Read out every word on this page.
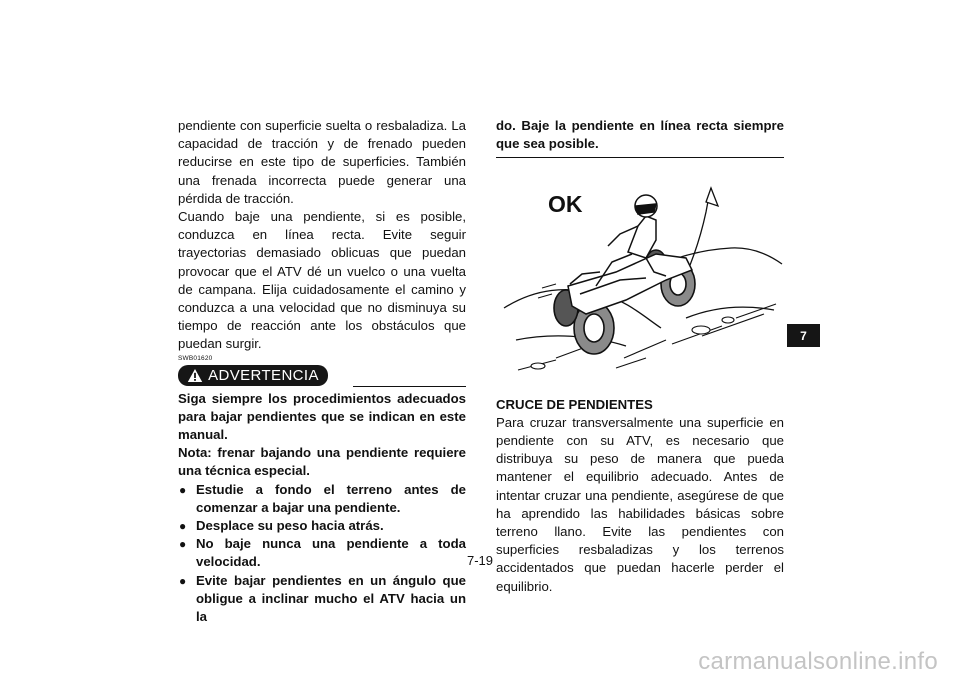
pendiente con superficie suelta o resbaladiza. La capacidad de tracción y de frenado pueden reducirse en este tipo de superficies. También una frenada incorrecta puede generar una pérdida de tracción.

Cuando baje una pendiente, si es posible, conduzca en línea recta. Evite seguir trayectorias demasiado oblicuas que puedan provocar que el ATV dé un vuelco o una vuelta de campana. Elija cuidadosamente el camino y conduzca a una velocidad que no disminuya su tiempo de reacción ante los obstáculos que puedan surgir.

SWB01620
ADVERTENCIA

Siga siempre los procedimientos adecuados para bajar pendientes que se indican en este manual.

Nota: frenar bajando una pendiente requiere una técnica especial.

● Estudie a fondo el terreno antes de comenzar a bajar una pendiente.
● Desplace su peso hacia atrás.
● No baje nunca una pendiente a toda velocidad.
● Evite bajar pendientes en un ángulo que obligue a inclinar mucho el ATV hacia un la

do. Baje la pendiente en línea recta siempre que sea posible.

OK

CRUCE DE PENDIENTES

Para cruzar transversalmente una superficie en pendiente con su ATV, es necesario que distribuya su peso de manera que pueda mantener el equilibrio adecuado. Antes de intentar cruzar una pendiente, asegúrese de que ha aprendido las habilidades básicas sobre terreno llano. Evite las pendientes con superficies resbaladizas y los terrenos accidentados que puedan hacerle perder el equilibrio.

7
7-19
carmanualsonline.info
